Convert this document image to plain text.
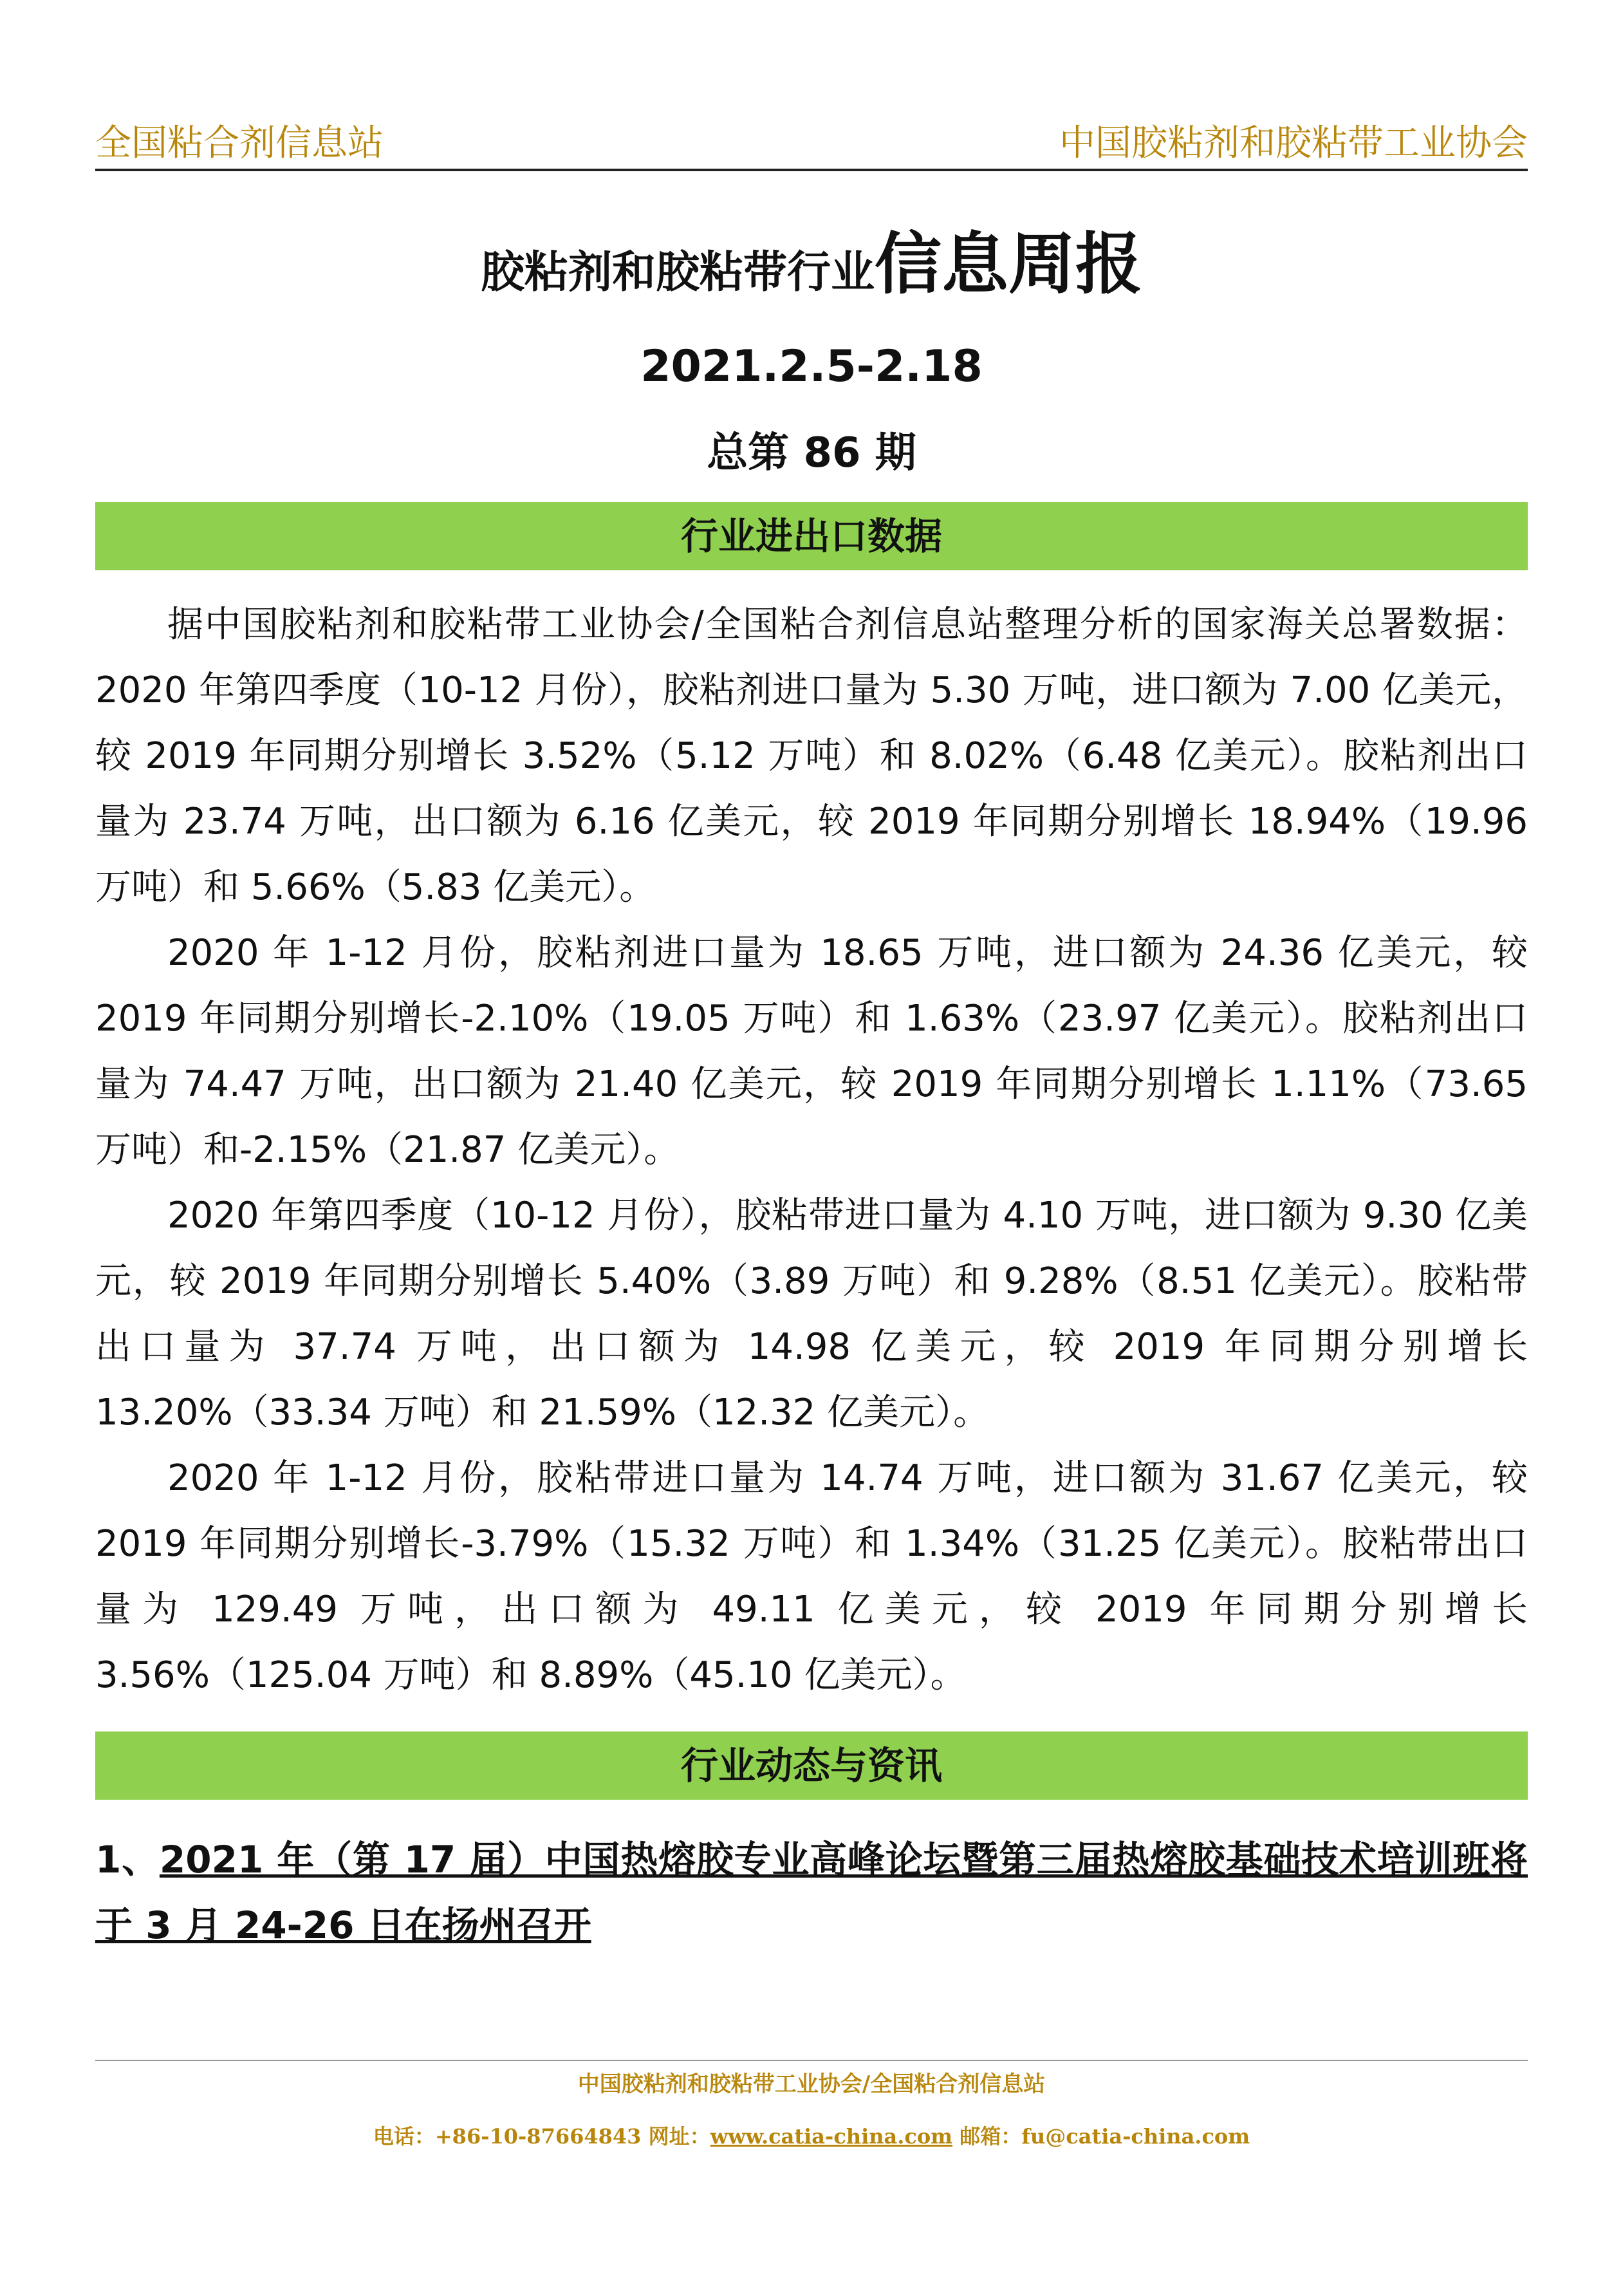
全国粘合剂信息站	中国胶粘剂和胶粘带工业协会
胶粘剂和胶粘带行业信息周报
2021.2.5-2.18
总第 86 期
行业进出口数据

据中国胶粘剂和胶粘带工业协会/全国粘合剂信息站整理分析的国家海关总署数据：2020 年第四季度（10-12 月份），胶粘剂进口量为 5.30 万吨，进口额为 7.00 亿美元，较 2019 年同期分别增长 3.52%（5.12 万吨）和 8.02%（6.48 亿美元）。胶粘剂出口量为 23.74 万吨，出口额为 6.16 亿美元，较 2019 年同期分别增长 18.94%（19.96 万吨）和 5.66%（5.83 亿美元）。

2020 年 1-12 月份，胶粘剂进口量为 18.65 万吨，进口额为 24.36 亿美元，较 2019 年同期分别增长-2.10%（19.05 万吨）和 1.63%（23.97 亿美元）。胶粘剂出口量为 74.47 万吨，出口额为 21.40 亿美元，较 2019 年同期分别增长 1.11%（73.65 万吨）和-2.15%（21.87 亿美元）。

2020 年第四季度（10-12 月份），胶粘带进口量为 4.10 万吨，进口额为 9.30 亿美元，较 2019 年同期分别增长 5.40%（3.89 万吨）和 9.28%（8.51 亿美元）。胶粘带出口量为 37.74 万吨，出口额为 14.98 亿美元，较 2019 年同期分别增长 13.20%（33.34 万吨）和 21.59%（12.32 亿美元）。

2020 年 1-12 月份，胶粘带进口量为 14.74 万吨，进口额为 31.67 亿美元，较 2019 年同期分别增长-3.79%（15.32 万吨）和 1.34%（31.25 亿美元）。胶粘带出口量为 129.49 万吨，出口额为 49.11 亿美元，较 2019 年同期分别增长 3.56%（125.04 万吨）和 8.89%（45.10 亿美元）。

行业动态与资讯
1、2021 年（第 17 届）中国热熔胶专业高峰论坛暨第三届热熔胶基础技术培训班将于 3 月 24-26 日在扬州召开
中国胶粘剂和胶粘带工业协会/全国粘合剂信息站
电话：+86-10-87664843 网址：www.catia-china.com 邮箱：fu@catia-china.com
